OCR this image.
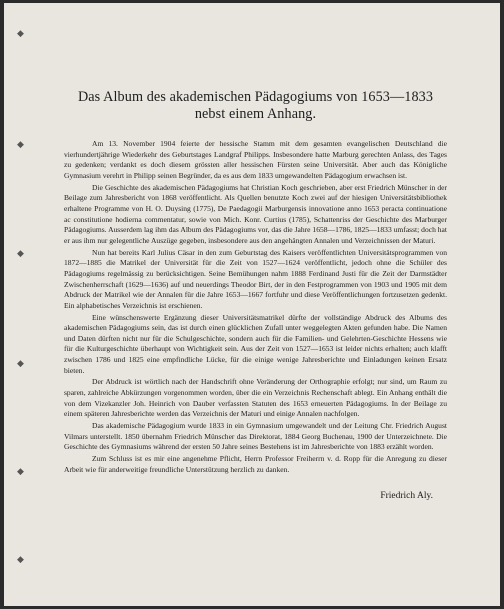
◆
◆
◆
◆
◆
◆
Das Album des akademischen Pädagogiums von 1653—1833
nebst einem Anhang.

Am 13. November 1904 feierte der hessische Stamm mit dem gesamten evangelischen Deutschland die vierhundertjährige Wiederkehr des Geburtstages Landgraf Philipps. Insbesondere hatte Marburg gerechten Anlass, des Tages zu gedenken; verdankt es doch diesem grössten aller hessischen Fürsten seine Universität. Aber auch das Königliche Gymnasium verehrt in Philipp seinen Begründer, da es aus dem 1833 umgewandelten Pädagogium erwachsen ist.

Die Geschichte des akademischen Pädagogiums hat Christian Koch geschrieben, aber erst Friedrich Münscher in der Beilage zum Jahresbericht von 1868 veröffentlicht. Als Quellen benutzte Koch zwei auf der hiesigen Universitätsbibliothek erhaltene Programme von H. O. Duysing (1775), De Paedagogii Marburgensis innovatione anno 1653 peracta continuatione ac constitutione hodierna commentatur, sowie von Mich. Konr. Curtius (1785), Schattenriss der Geschichte des Marburger Pädagogiums. Ausserdem lag ihm das Album des Pädagogiums vor, das die Jahre 1658—1786, 1825—1833 umfasst; doch hat er aus ihm nur gelegentliche Auszüge gegeben, insbesondere aus den angehängten Annalen und Verzeichnissen der Maturi.

Nun hat bereits Karl Julius Cäsar in den zum Geburtstag des Kaisers veröffentlichten Universitätsprogrammen von 1872—1885 die Matrikel der Universität für die Zeit von 1527—1624 veröffentlicht, jedoch ohne die Schüler des Pädagogiums regelmässig zu berücksichtigen. Seine Bemühungen nahm 1888 Ferdinand Justi für die Zeit der Darmstädter Zwischenherrschaft (1629—1636) auf und neuerdings Theodor Birt, der in den Festprogrammen von 1903 und 1905 mit dem Abdruck der Matrikel wie der Annalen für die Jahre 1653—1667 fortfuhr und diese Veröffentlichungen fortzusetzen gedenkt. Ein alphabetisches Verzeichnis ist erschienen.

Eine wünschenswerte Ergänzung dieser Universitätsmatrikel dürfte der vollständige Abdruck des Albums des akademischen Pädagogiums sein, das ist durch einen glücklichen Zufall unter weggelegten Akten gefunden habe. Die Namen und Daten dürften nicht nur für die Schulgeschichte, sondern auch für die Familien- und Gelehrten-Geschichte Hessens wie für die Kulturgeschichte überhaupt von Wichtigkeit sein. Aus der Zeit von 1527—1653 ist leider nichts erhalten; auch klafft zwischen 1786 und 1825 eine empfindliche Lücke, für die einige wenige Jahresberichte und Einladungen keinen Ersatz bieten.

Der Abdruck ist wörtlich nach der Handschrift ohne Veränderung der Orthographie erfolgt; nur sind, um Raum zu sparen, zahlreiche Abkürzungen vorgenommen worden, über die ein Verzeichnis Rechenschaft ablegt. Ein Anhang enthält die von dem Vizekanzler Joh. Heinrich von Dauber verfassten Statuten des 1653 erneuerten Pädagogiums. In der Beilage zu einem späteren Jahresberichte werden das Verzeichnis der Maturi und einige Annalen nachfolgen.

Das akademische Pädagogium wurde 1833 in ein Gymnasium umgewandelt und der Leitung Chr. Friedrich August Vilmars unterstellt. 1850 übernahm Friedrich Münscher das Direktorat, 1884 Georg Buchenau, 1900 der Unterzeichnete. Die Geschichte des Gymnasiums während der ersten 50 Jahre seines Bestehens ist im Jahresberichte von 1883 erzählt worden.

Zum Schluss ist es mir eine angenehme Pflicht, Herrn Professor Freiherrn v. d. Ropp für die Anregung zu dieser Arbeit wie für anderweitige freundliche Unterstützung herzlich zu danken.

Friedrich Aly.
